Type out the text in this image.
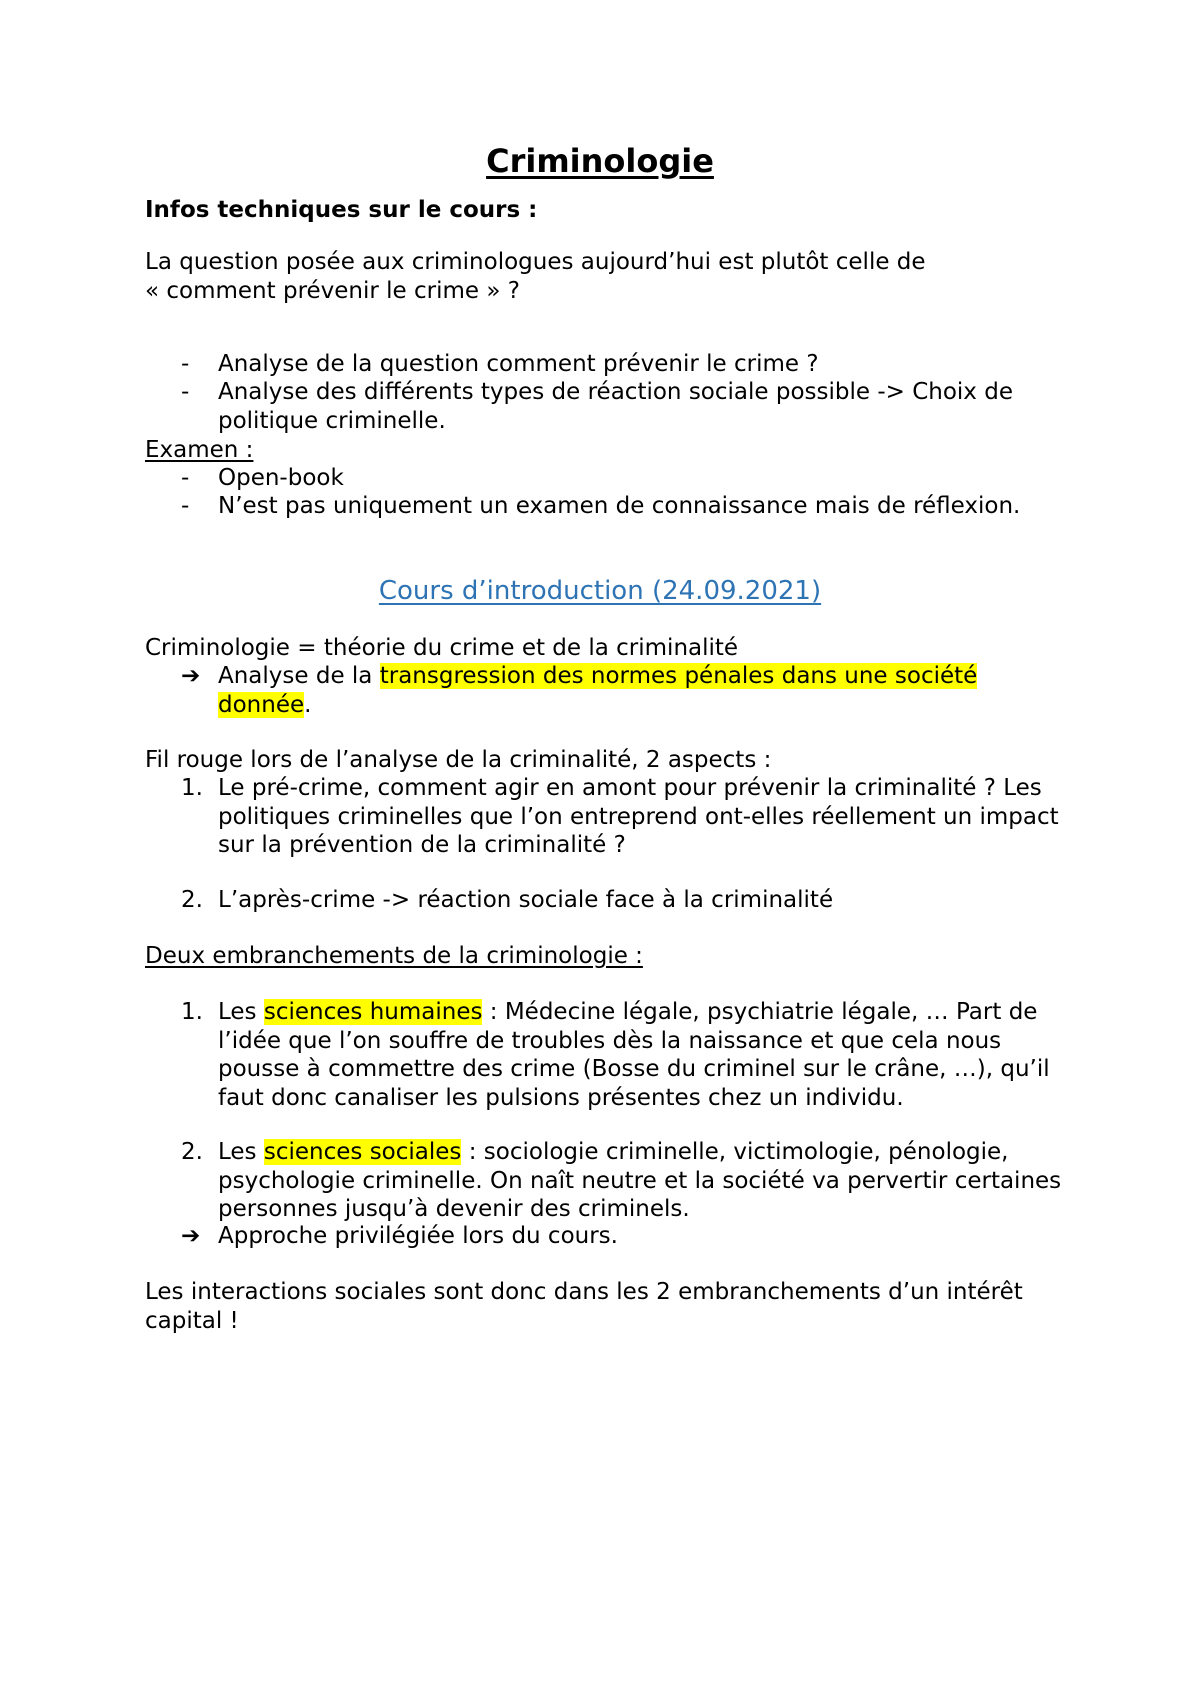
Criminologie

Infos techniques sur le cours :

La question posée aux criminologues aujourd’hui est plutôt celle de
« comment prévenir le crime » ?

- Analyse de la question comment prévenir le crime ?
- Analyse des différents types de réaction sociale possible -> Choix de politique criminelle.

Examen :

- Open-book
- N’est pas uniquement un examen de connaissance mais de réflexion.
Cours d’introduction (24.09.2021)

Criminologie = théorie du crime et de la criminalité

➔ Analyse de la transgression des normes pénales dans une société donnée.

Fil rouge lors de l’analyse de la criminalité, 2 aspects :

1. Le pré-crime, comment agir en amont pour prévenir la criminalité ? Les politiques criminelles que l’on entreprend ont-elles réellement un impact sur la prévention de la criminalité ?
2. L’après-crime -> réaction sociale face à la criminalité

Deux embranchements de la criminologie :

1. Les sciences humaines : Médecine légale, psychiatrie légale, … Part de l’idée que l’on souffre de troubles dès la naissance et que cela nous pousse à commettre des crime (Bosse du criminel sur le crâne, …), qu’il faut donc canaliser les pulsions présentes chez un individu.
2. Les sciences sociales : sociologie criminelle, victimologie, pénologie, psychologie criminelle. On naît neutre et la société va pervertir certaines personnes jusqu’à devenir des criminels.
➔ Approche privilégiée lors du cours.

Les interactions sociales sont donc dans les 2 embranchements d’un intérêt capital !
